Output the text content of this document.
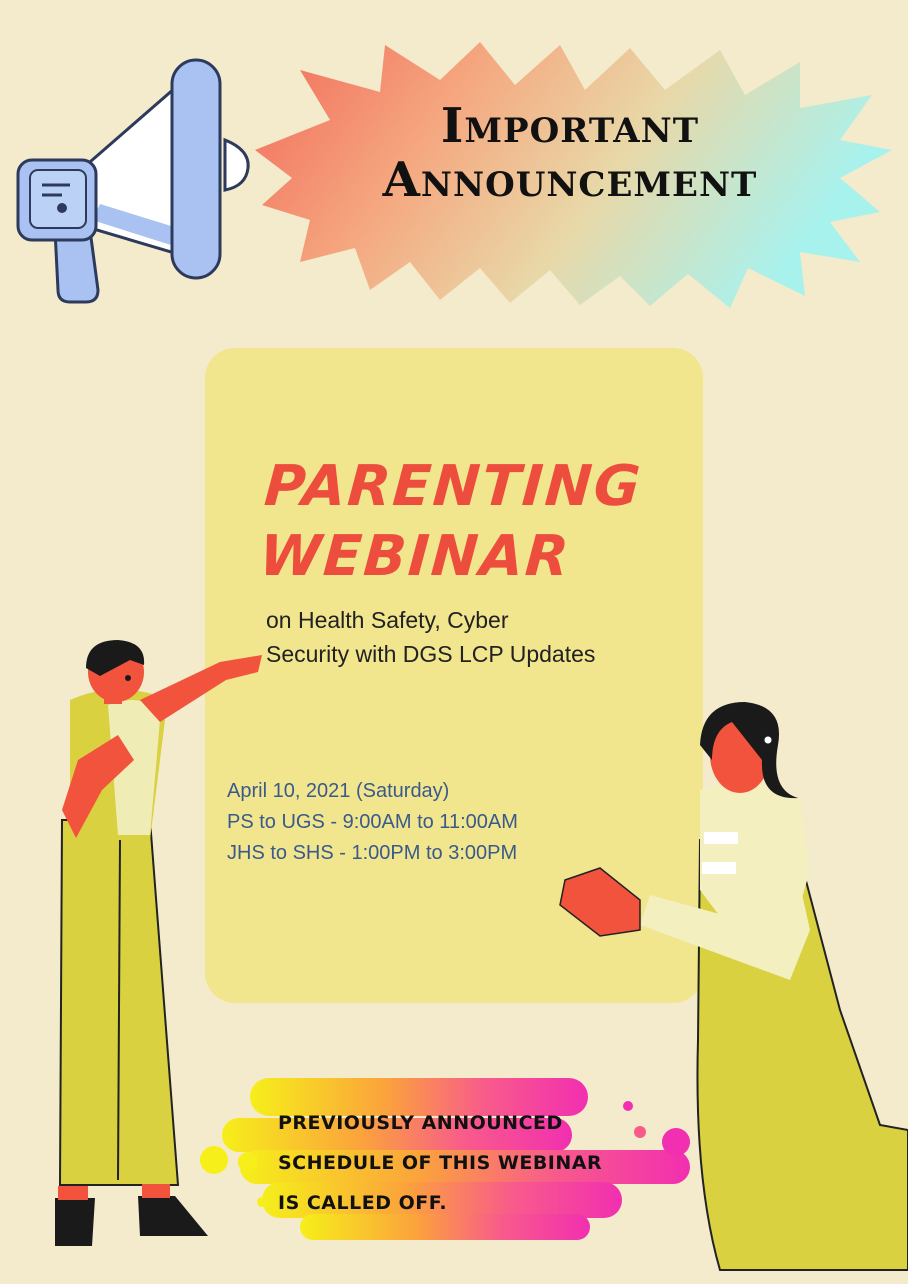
Important
Announcement
PARENTING
WEBINAR
on Health Safety, Cyber
Security with DGS LCP Updates
April 10, 2021 (Saturday)
PS to UGS - 9:00AM to 11:00AM
JHS to SHS - 1:00PM to 3:00PM
PREVIOUSLY ANNOUNCED
SCHEDULE OF THIS WEBINAR
IS CALLED OFF.
